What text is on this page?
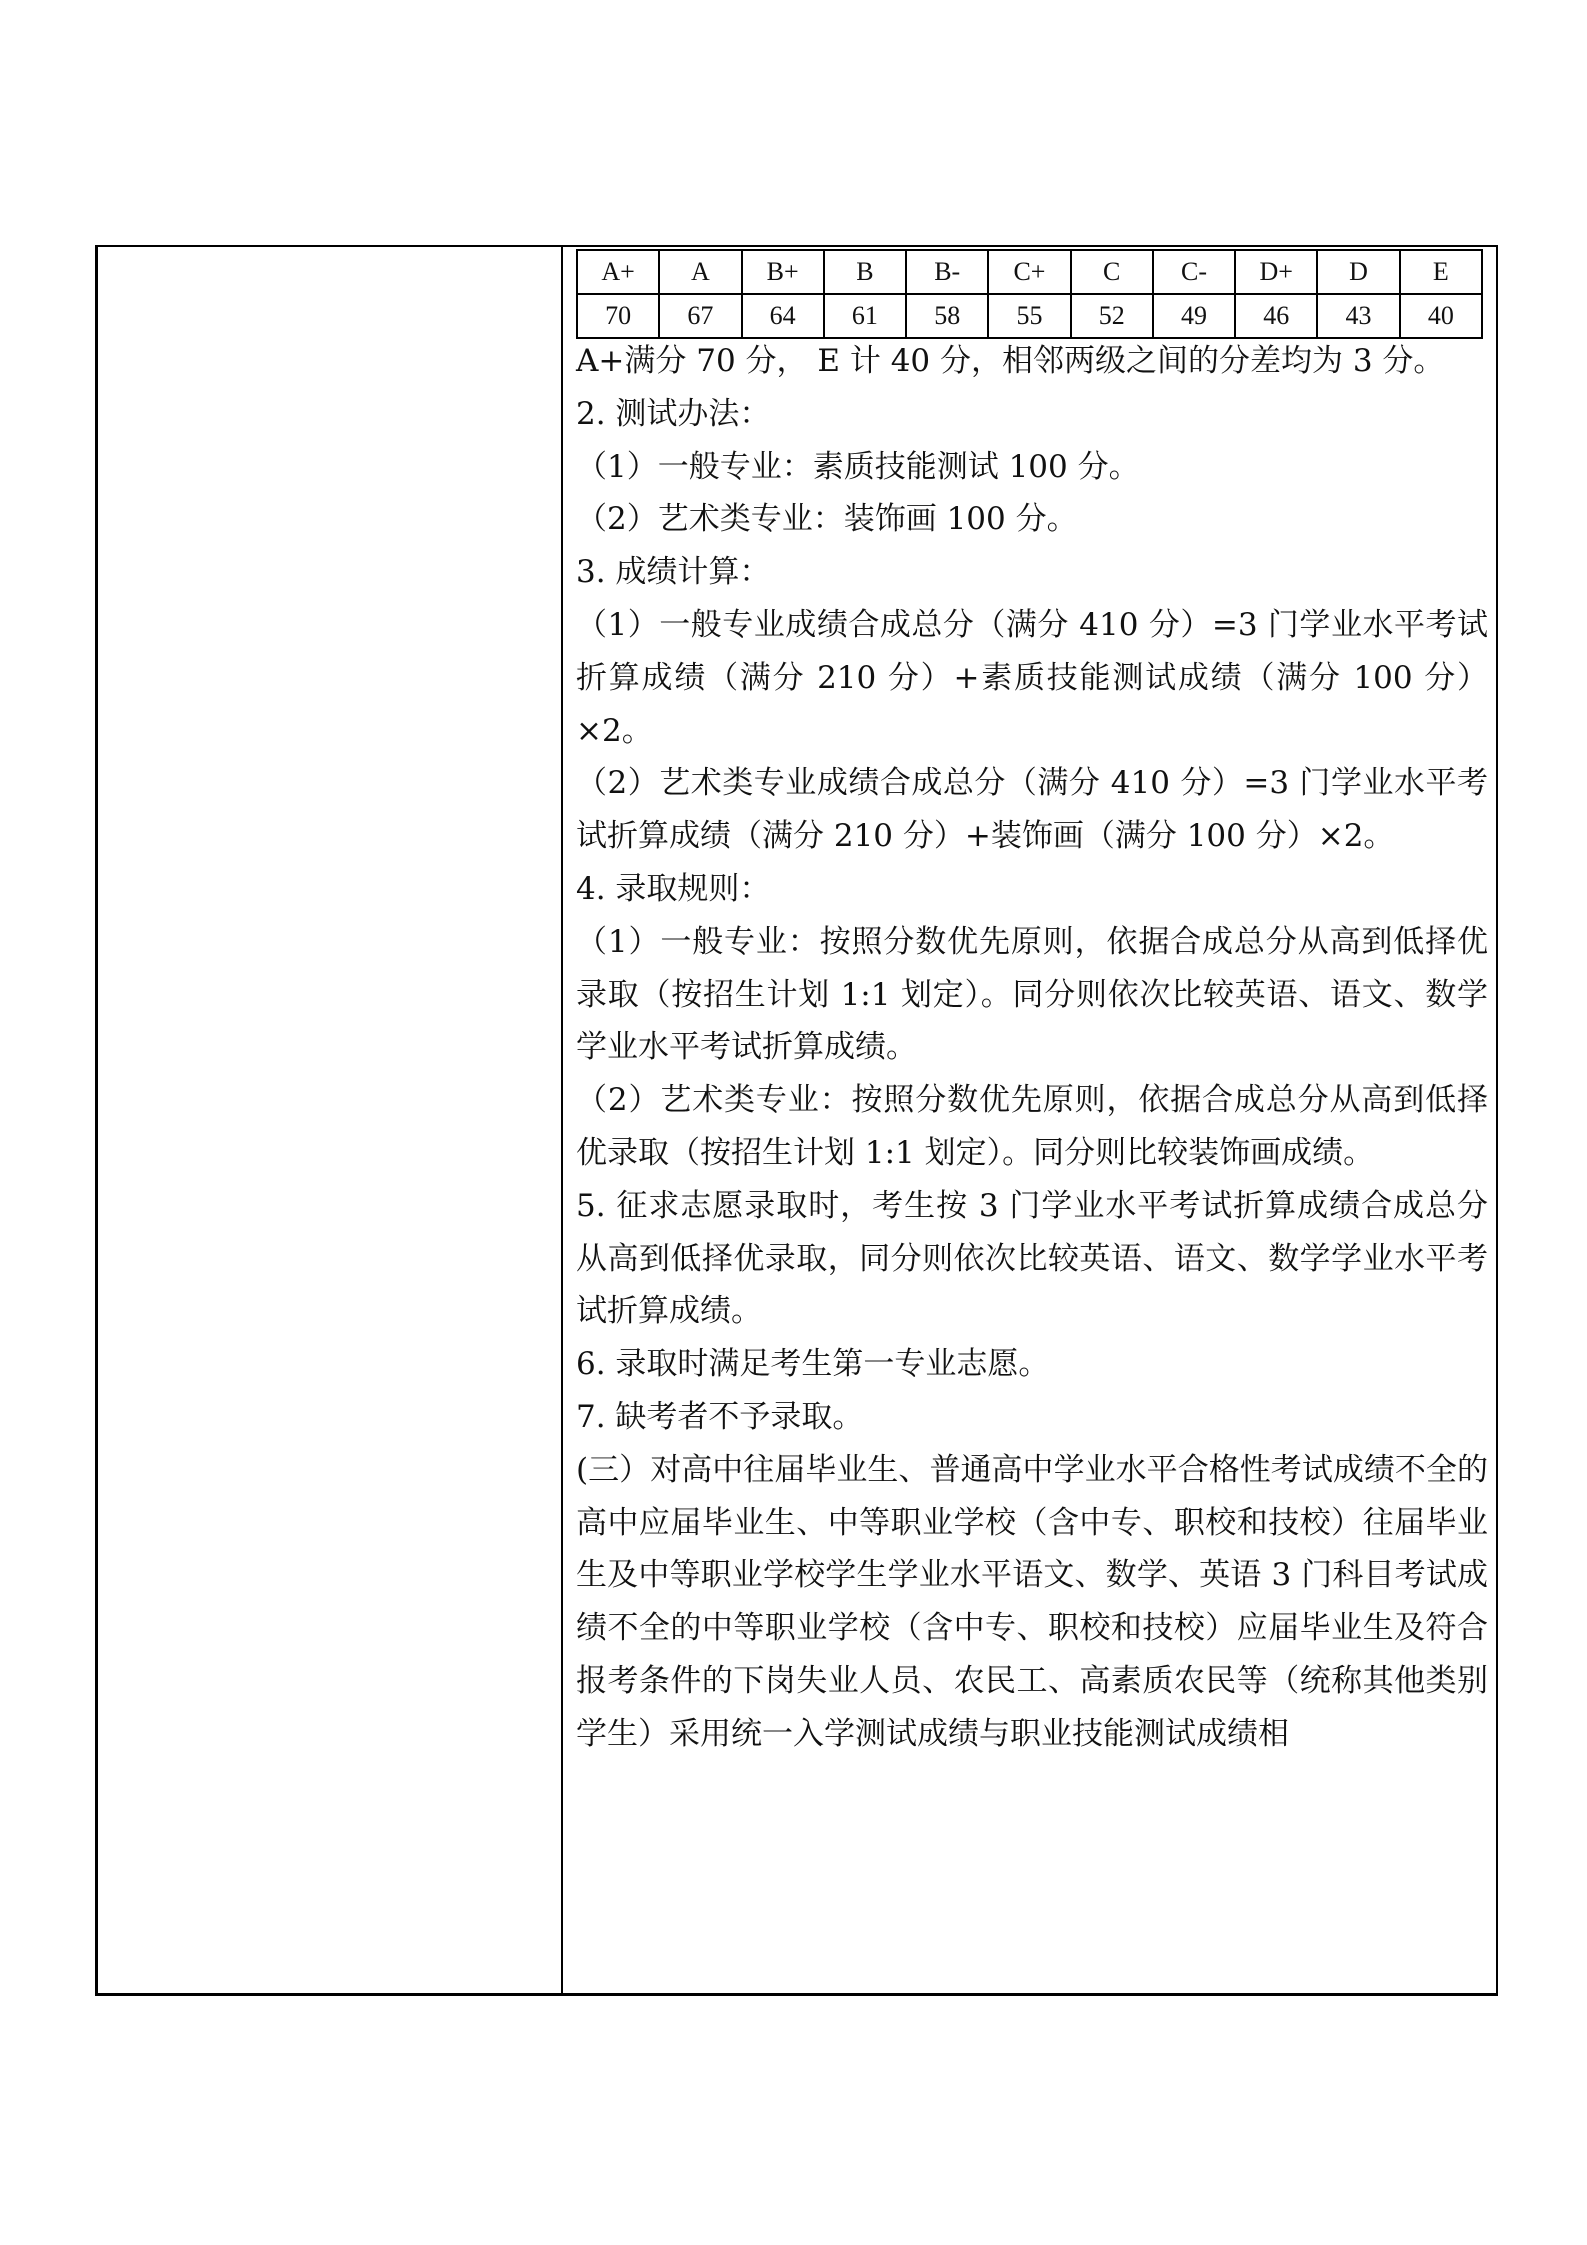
A+	A	B+	B	B-	C+	C	C-	D+	D	E
70	67	64	61	58	55	52	49	46	43	40

A+满分 70 分， E 计 40 分，相邻两级之间的分差均为 3 分。

2. 测试办法：

（1）一般专业：素质技能测试 100 分。

（2）艺术类专业：装饰画 100 分。

3. 成绩计算：

（1）一般专业成绩合成总分（满分 410 分）=3 门学业水平考试折算成绩（满分 210 分）+素质技能测试成绩（满分 100 分）×2。

（2）艺术类专业成绩合成总分（满分 410 分）=3 门学业水平考试折算成绩（满分 210 分）+装饰画（满分 100 分）×2。

4. 录取规则：

（1）一般专业：按照分数优先原则，依据合成总分从高到低择优录取（按招生计划 1:1 划定）。同分则依次比较英语、语文、数学学业水平考试折算成绩。

（2）艺术类专业：按照分数优先原则，依据合成总分从高到低择优录取（按招生计划 1:1 划定）。同分则比较装饰画成绩。

5. 征求志愿录取时，考生按 3 门学业水平考试折算成绩合成总分从高到低择优录取，同分则依次比较英语、语文、数学学业水平考试折算成绩。

6. 录取时满足考生第一专业志愿。

7. 缺考者不予录取。

(三）对高中往届毕业生、普通高中学业水平合格性考试成绩不全的高中应届毕业生、中等职业学校（含中专、职校和技校）往届毕业生及中等职业学校学生学业水平语文、数学、英语 3 门科目考试成绩不全的中等职业学校（含中专、职校和技校）应届毕业生及符合报考条件的下岗失业人员、农民工、高素质农民等（统称其他类别学生）采用统一入学测试成绩与职业技能测试成绩相
